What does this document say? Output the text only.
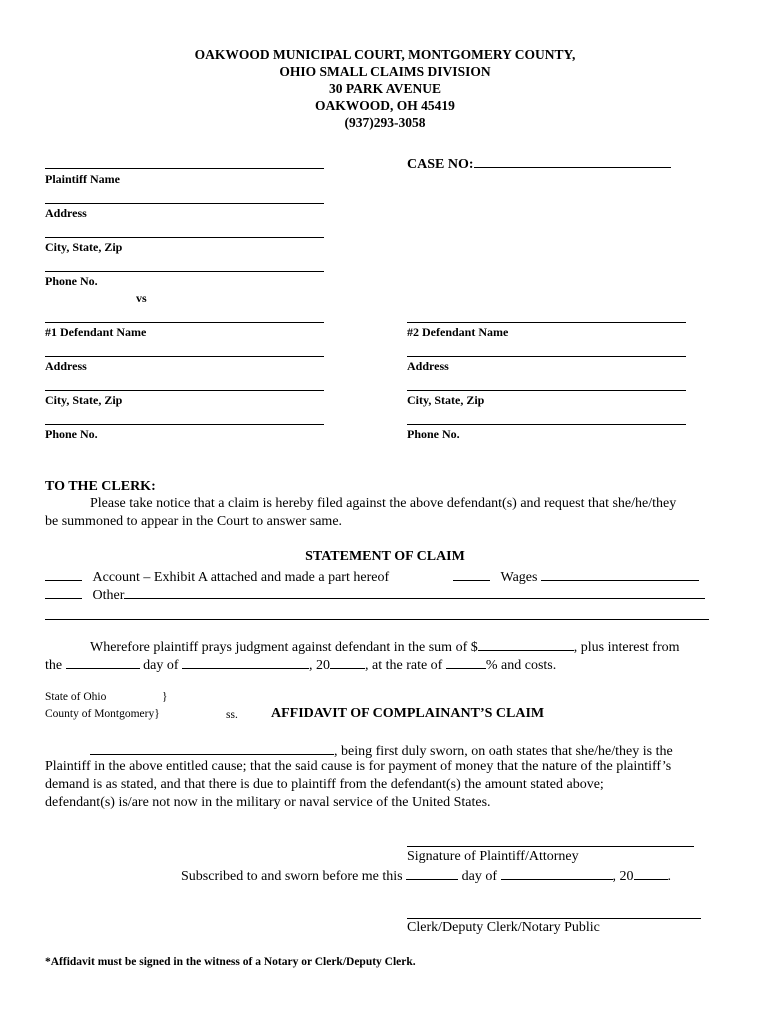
OAKWOOD MUNICIPAL COURT, MONTGOMERY COUNTY,
OHIO SMALL CLAIMS DIVISION
30 PARK AVENUE
OAKWOOD, OH 45419
(937)293-3058
CASE NO:
Plaintiff Name
Address
City, State, Zip
Phone No.
vs
#1 Defendant Name
Address
City, State, Zip
Phone No.
#2 Defendant Name
Address
City, State, Zip
Phone No.
TO THE CLERK:
Please take notice that a claim is hereby filed against the above defendant(s) and request that she/he/they
be summoned to appear in the Court to answer same.
STATEMENT OF CLAIM
Account – Exhibit A attached and made a part hereof	Wages
Other
Wherefore plaintiff prays judgment against defendant in the sum of $	, plus interest from
the	day of	, 20	, at the rate of	% and costs.
State of Ohio	}
County of Montgomery}	ss. AFFIDAVIT OF COMPLAINANT’S CLAIM
, being first duly sworn, on oath states that she/he/they is the
Plaintiff in the above entitled cause; that the said cause is for payment of money that the nature of the plaintiff’s
demand is as stated, and that there is due to plaintiff from the defendant(s) the amount stated above;
defendant(s) is/are not now in the military or naval service of the United States.
Signature of Plaintiff/Attorney
Subscribed to and sworn before me this	day of	, 20 .
Clerk/Deputy Clerk/Notary Public
*Affidavit must be signed in the witness of a Notary or Clerk/Deputy Clerk.
